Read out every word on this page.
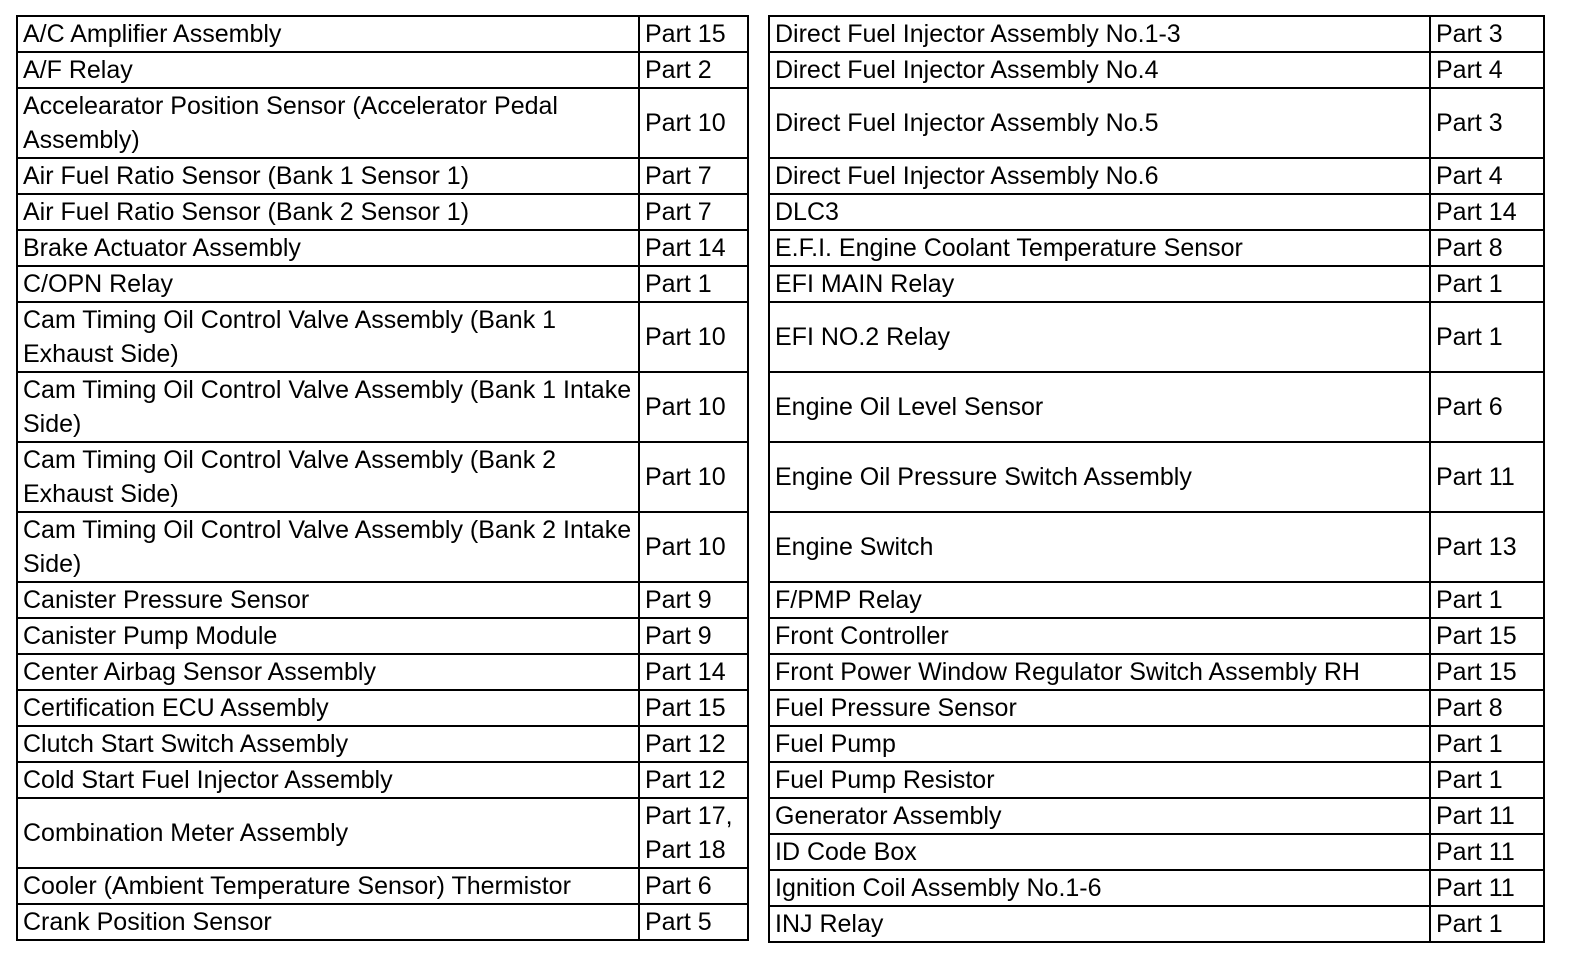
A/C Amplifier Assembly	Part 15
A/F Relay	Part 2
Accelearator Position Sensor (Accelerator Pedal Assembly)	Part 10
Air Fuel Ratio Sensor (Bank 1 Sensor 1)	Part 7
Air Fuel Ratio Sensor (Bank 2 Sensor 1)	Part 7
Brake Actuator Assembly	Part 14
C/OPN Relay	Part 1
Cam Timing Oil Control Valve Assembly (Bank 1 Exhaust Side)	Part 10
Cam Timing Oil Control Valve Assembly (Bank 1 Intake Side)	Part 10
Cam Timing Oil Control Valve Assembly (Bank 2 Exhaust Side)	Part 10
Cam Timing Oil Control Valve Assembly (Bank 2 Intake Side)	Part 10
Canister Pressure Sensor	Part 9
Canister Pump Module	Part 9
Center Airbag Sensor Assembly	Part 14
Certification ECU Assembly	Part 15
Clutch Start Switch Assembly	Part 12
Cold Start Fuel Injector Assembly	Part 12
Combination Meter Assembly	Part 17, Part 18
Cooler (Ambient Temperature Sensor) Thermistor	Part 6
Crank Position Sensor	Part 5
Direct Fuel Injector Assembly No.1-3	Part 3
Direct Fuel Injector Assembly No.4	Part 4
Direct Fuel Injector Assembly No.5	Part 3
Direct Fuel Injector Assembly No.6	Part 4
DLC3	Part 14
E.F.I. Engine Coolant Temperature Sensor	Part 8
EFI MAIN Relay	Part 1
EFI NO.2 Relay	Part 1
Engine Oil Level Sensor	Part 6
Engine Oil Pressure Switch Assembly	Part 11
Engine Switch	Part 13
F/PMP Relay	Part 1
Front Controller	Part 15
Front Power Window Regulator Switch Assembly RH	Part 15
Fuel Pressure Sensor	Part 8
Fuel Pump	Part 1
Fuel Pump Resistor	Part 1
Generator Assembly	Part 11
ID Code Box	Part 11
Ignition Coil Assembly No.1-6	Part 11
INJ Relay	Part 1
